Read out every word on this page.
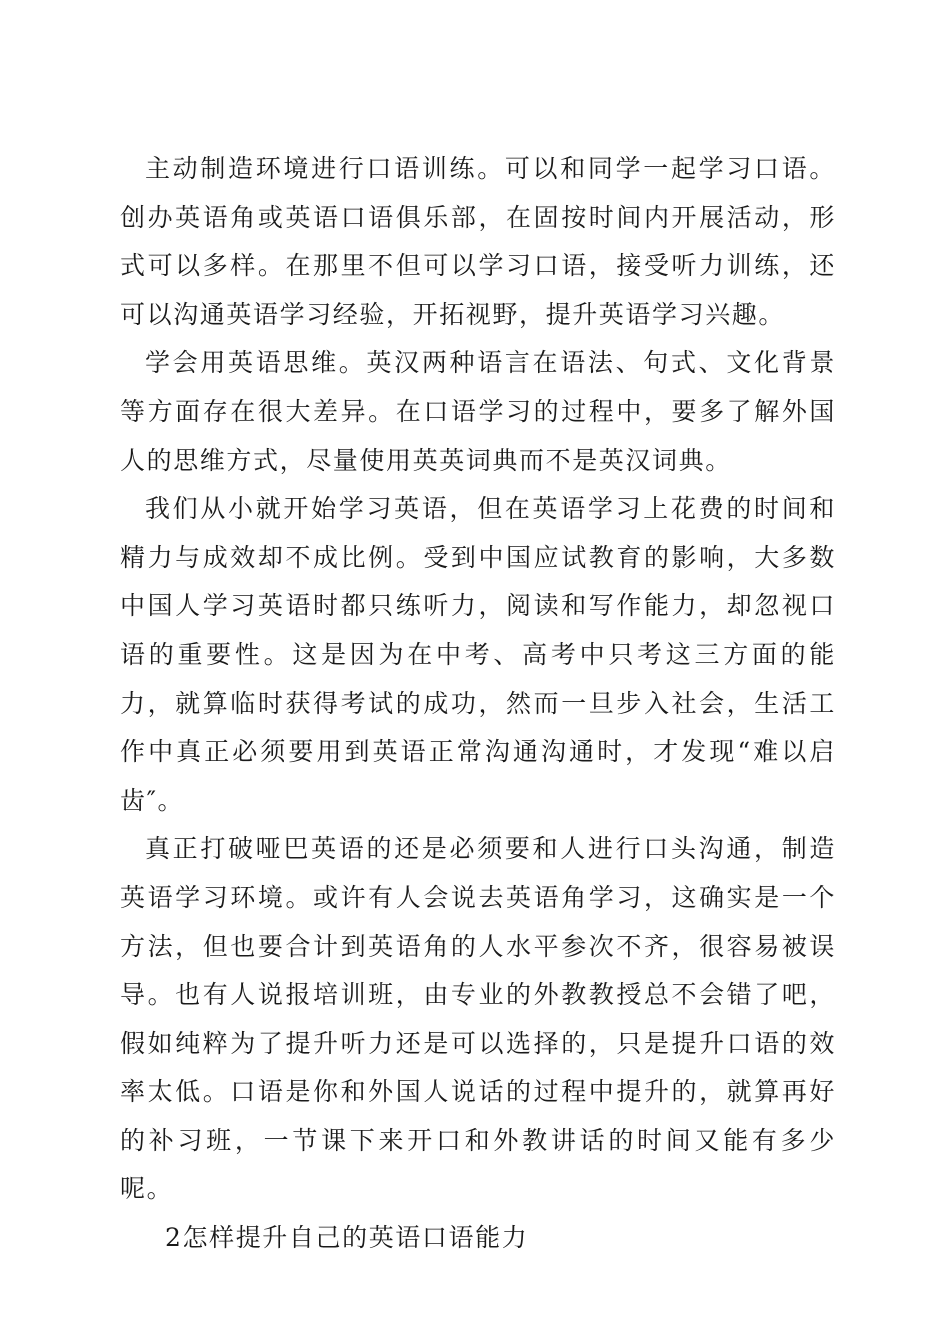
主动制造环境进行口语训练。可以和同学一起学习口语。创办英语角或英语口语俱乐部，在固按时间内开展活动，形式可以多样。在那里不但可以学习口语，接受听力训练，还可以沟通英语学习经验，开拓视野，提升英语学习兴趣。

学会用英语思维。英汉两种语言在语法、句式、文化背景等方面存在很大差异。在口语学习的过程中，要多了解外国人的思维方式，尽量使用英英词典而不是英汉词典。

我们从小就开始学习英语，但在英语学习上花费的时间和精力与成效却不成比例。受到中国应试教育的影响，大多数中国人学习英语时都只练听力，阅读和写作能力，却忽视口语的重要性。这是因为在中考、高考中只考这三方面的能力，就算临时获得考试的成功，然而一旦步入社会，生活工作中真正必须要用到英语正常沟通沟通时，才发现“难以启齿″。

真正打破哑巴英语的还是必须要和人进行口头沟通，制造英语学习环境。或许有人会说去英语角学习，这确实是一个方法，但也要合计到英语角的人水平参次不齐，很容易被误导。也有人说报培训班，由专业的外教教授总不会错了吧，假如纯粹为了提升听力还是可以选择的，只是提升口语的效率太低。口语是你和外国人说话的过程中提升的，就算再好的补习班，一节课下来开口和外教讲话的时间又能有多少呢。

2怎样提升自己的英语口语能力
